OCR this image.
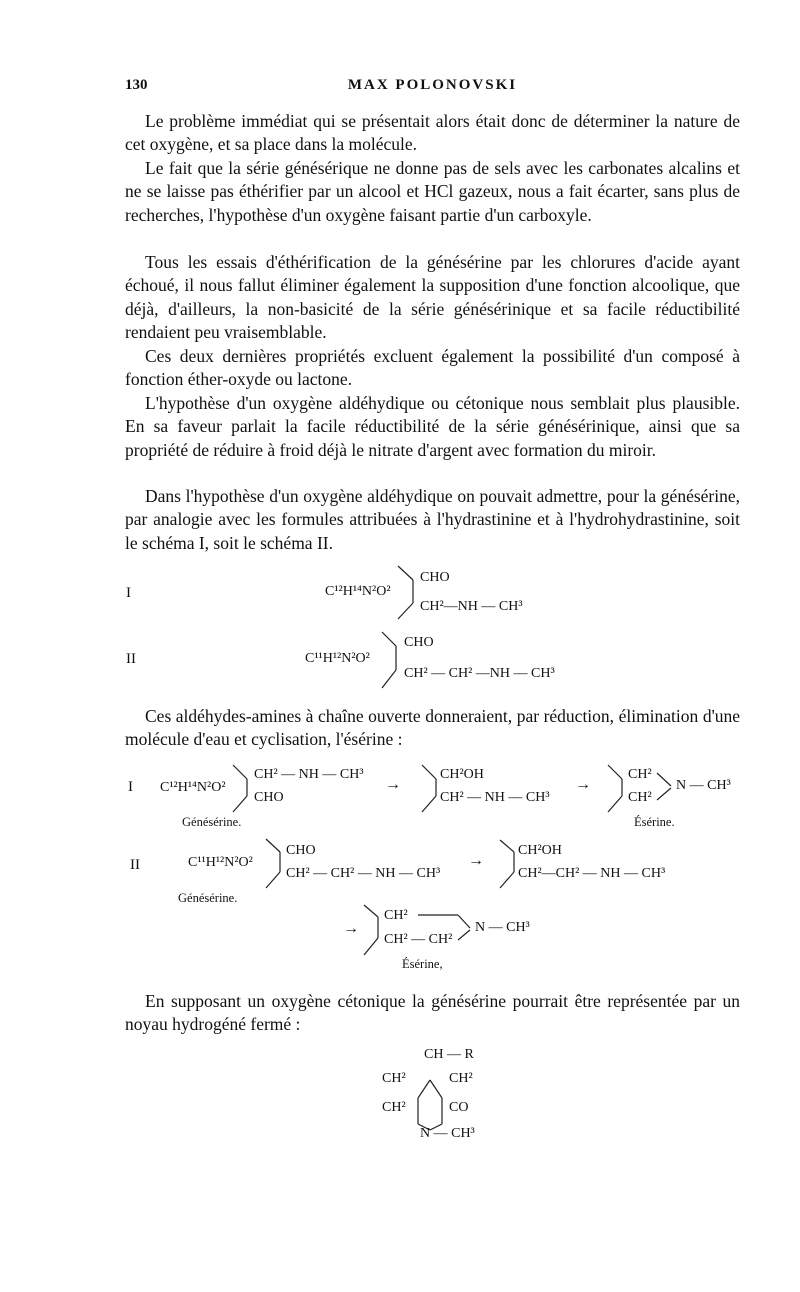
130	MAX POLONOVSKI

Le problème immédiat qui se présentait alors était donc de déterminer la nature de cet oxygène, et sa place dans la molécule.

Le fait que la série génésérique ne donne pas de sels avec les carbonates alcalins et ne se laisse pas éthérifier par un alcool et HCl gazeux, nous a fait écarter, sans plus de recherches, l'hypothèse d'un oxygène faisant partie d'un carboxyle.

Tous les essais d'éthérification de la génésérine par les chlorures d'acide ayant échoué, il nous fallut éliminer également la supposition d'une fonction alcoolique, que déjà, d'ailleurs, la non-basicité de la série génésérinique et sa facile réductibilité rendaient peu vraisemblable.

Ces deux dernières propriétés excluent également la possibilité d'un composé à fonction éther-oxyde ou lactone.

L'hypothèse d'un oxygène aldéhydique ou cétonique nous semblait plus plausible. En sa faveur parlait la facile réductibilité de la série génésérinique, ainsi que sa propriété de réduire à froid déjà le nitrate d'argent avec formation du miroir.

Dans l'hypothèse d'un oxygène aldéhydique on pouvait admettre, pour la génésérine, par analogie avec les formules attribuées à l'hydrastinine et à l'hydrohydrastinine, soit le schéma I, soit le schéma II.

I	C¹²H¹⁴N²O²
CHO
CH²—NH — CH³
II	C¹¹H¹²N²O²
CHO
CH² — CH² —NH — CH³

Ces aldéhydes-amines à chaîne ouverte donneraient, par réduction, élimination d'une molécule d'eau et cyclisation, l'ésérine :

I C¹²H¹⁴N²O²
CH² — NH — CH³
CHO
Génésérine.
→
CH²OH
CH² — NH — CH³
→
CH²
CH²
N — CH³
Ésérine.
II	C¹¹H¹²N²O²
CHO
CH² — CH² — NH — CH³
Génésérine.
→
CH²OH
CH²—CH² — NH — CH³
→
CH²
CH² — CH²
N — CH³
Ésérine,

En supposant un oxygène cétonique la génésérine pourrait être représentée par un noyau hydrogéné fermé :

CH — R
CH²	CH²
CH²	CO
N — CH³
